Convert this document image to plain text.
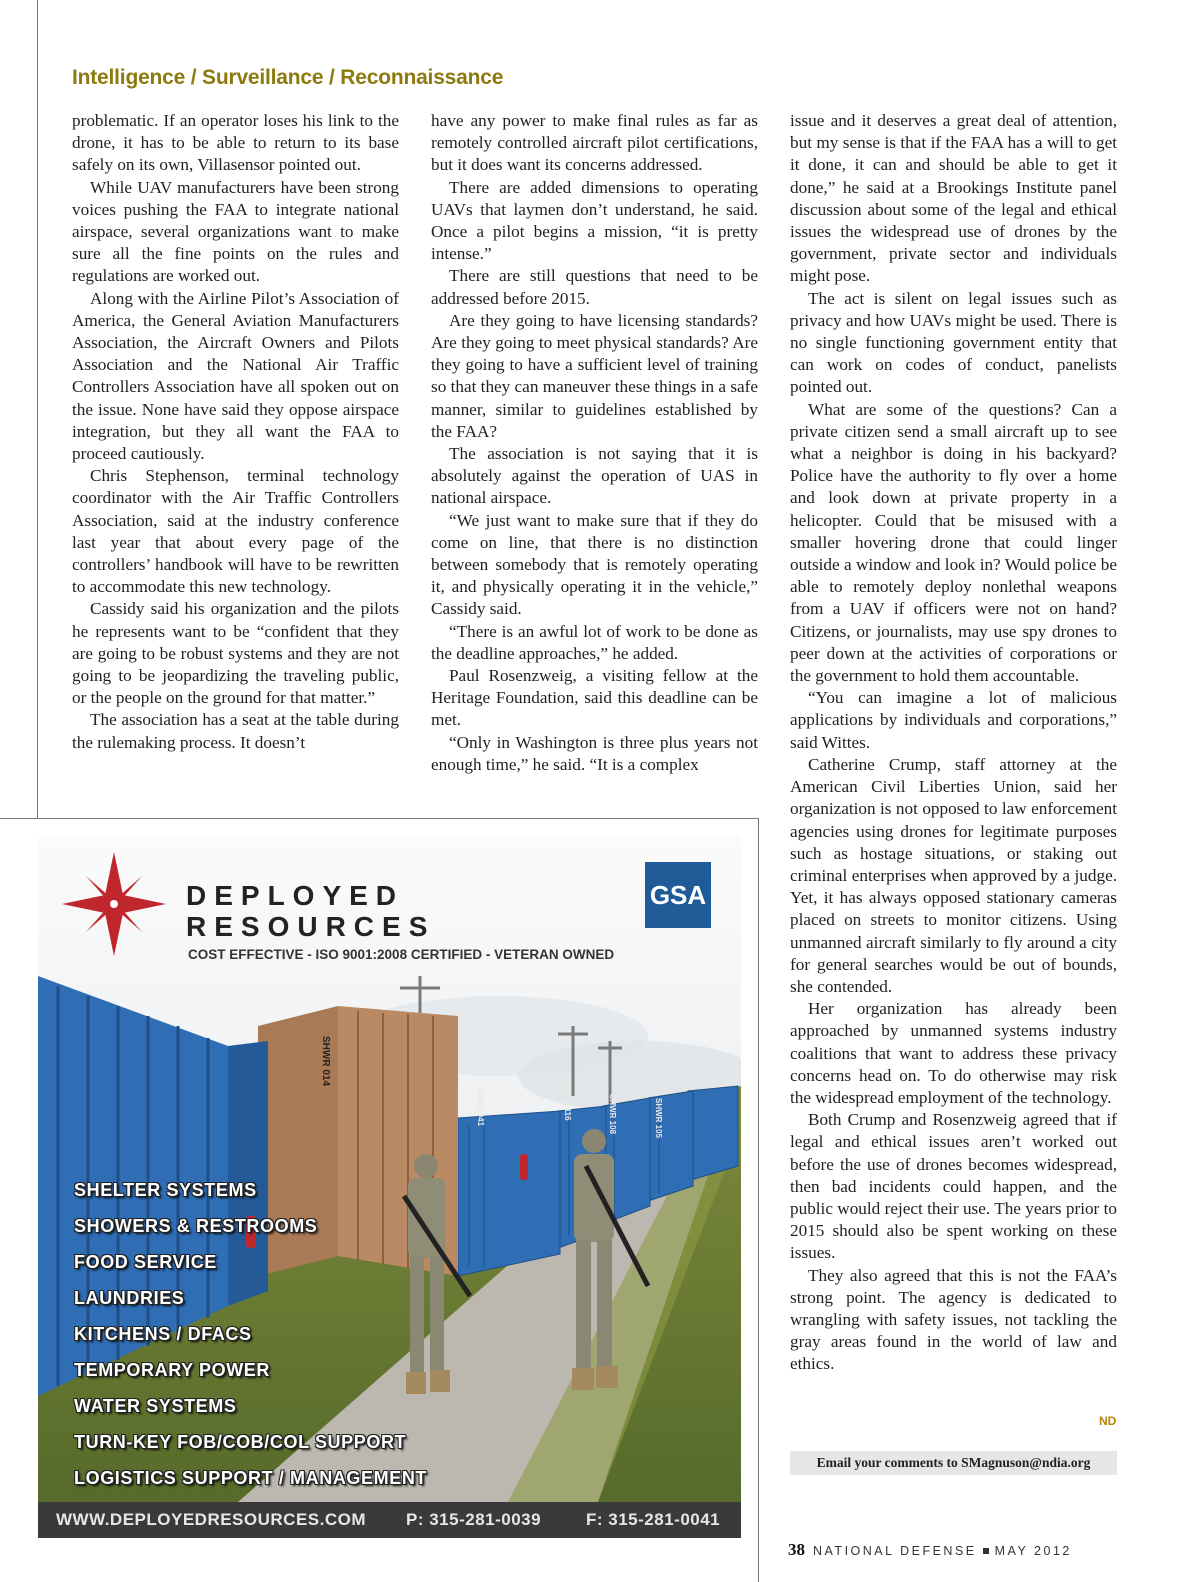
Intelligence / Surveillance / Reconnaissance

problematic. If an operator loses his link to the drone, it has to be able to return to its base safely on its own, Villasensor pointed out.

While UAV manufacturers have been strong voices pushing the FAA to integrate national airspace, several organizations want to make sure all the fine points on the rules and regulations are worked out.

Along with the Airline Pilot’s Association of America, the General Aviation Manufacturers Association, the Aircraft Owners and Pilots Association and the National Air Traffic Controllers Association have all spoken out on the issue. None have said they oppose airspace integration, but they all want the FAA to proceed cautiously.

Chris Stephenson, terminal technology coordinator with the Air Traffic Controllers Association, said at the industry conference last year that about every page of the controllers’ handbook will have to be rewritten to accommodate this new technology.

Cassidy said his organization and the pilots he represents want to be “confident that they are going to be robust systems and they are not going to be jeopardizing the traveling public, or the people on the ground for that matter.”

The association has a seat at the table during the rulemaking process. It doesn’t

have any power to make final rules as far as remotely controlled aircraft pilot certifications, but it does want its concerns addressed.

There are added dimensions to operating UAVs that laymen don’t understand, he said. Once a pilot begins a mission, “it is pretty intense.”

There are still questions that need to be addressed before 2015.

Are they going to have licensing standards? Are they going to meet physical standards? Are they going to have a sufficient level of training so that they can maneuver these things in a safe manner, similar to guidelines established by the FAA?

The association is not saying that it is absolutely against the operation of UAS in national airspace.

“We just want to make sure that if they do come on line, that there is no distinction between somebody that is remotely operating it, and physically operating it in the vehicle,” Cassidy said.

“There is an awful lot of work to be done as the deadline approaches,” he added.

Paul Rosenzweig, a visiting fellow at the Heritage Foundation, said this deadline can be met.

“Only in Washington is three plus years not enough time,” he said. “It is a complex

issue and it deserves a great deal of attention, but my sense is that if the FAA has a will to get it done, it can and should be able to get it done,” he said at a Brookings Institute panel discussion about some of the legal and ethical issues the widespread use of drones by the government, private sector and individuals might pose.

The act is silent on legal issues such as privacy and how UAVs might be used. There is no single functioning government entity that can work on codes of conduct, panelists pointed out.

What are some of the questions? Can a private citizen send a small aircraft up to see what a neighbor is doing in his backyard? Police have the authority to fly over a home and look down at private property in a helicopter. Could that be misused with a smaller hovering drone that could linger outside a window and look in? Would police be able to remotely deploy nonlethal weapons from a UAV if officers were not on hand? Citizens, or journalists, may use spy drones to peer down at the activities of corporations or the government to hold them accountable.

“You can imagine a lot of malicious applications by individuals and corporations,” said Wittes.

Catherine Crump, staff attorney at the American Civil Liberties Union, said her organization is not opposed to law enforcement agencies using drones for legitimate purposes such as hostage situations, or staking out criminal enterprises when approved by a judge. Yet, it has always opposed stationary cameras placed on streets to monitor citizens. Using unmanned aircraft similarly to fly around a city for general searches would be out of bounds, she contended.

Her organization has already been approached by unmanned systems industry coalitions that want to address these privacy concerns head on. To do otherwise may risk the widespread employment of the technology.

Both Crump and Rosenzweig agreed that if legal and ethical issues aren’t worked out before the use of drones becomes widespread, then bad incidents could happen, and the public would reject their use. The years prior to 2015 should also be spent working on these issues.

They also agreed that this is not the FAA’s strong point. The agency is dedicated to wrangling with safety issues, not tackling the gray areas found in the world of law and ethics.

ND
Email your comments to SMagnuson@ndia.org
38 NATIONAL DEFENSE MAY 2012
SHWR 014
SHWR 041	SHWR 116	SHWR 108	SHWR 105
DEPLOYED
RESOURCES
COST EFFECTIVE - ISO 9001:2008 CERTIFIED - VETERAN OWNED
GSA
SHELTER SYSTEMS
SHOWERS & RESTROOMS
FOOD SERVICE
LAUNDRIES
KITCHENS / DFACS
TEMPORARY POWER
WATER SYSTEMS
TURN-KEY FOB/COB/COL SUPPORT
LOGISTICS SUPPORT / MANAGEMENT
WWW.DEPLOYEDRESOURCES.COM P: 315-281-0039	F: 315-281-0041
